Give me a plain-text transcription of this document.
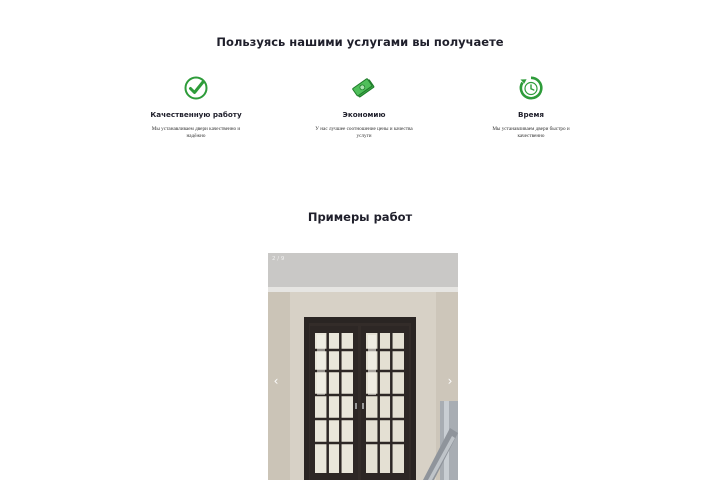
Пользуясь нашими услугами вы получаете
Качественную работу
Мы устанавливаем двери качественно и надёжно
Экономию
У нас лучшее соотношение цены и качества услуги
Время
Мы устанавливаем двери быстро и качественно
Примеры работ
2 / 9
‹	›
